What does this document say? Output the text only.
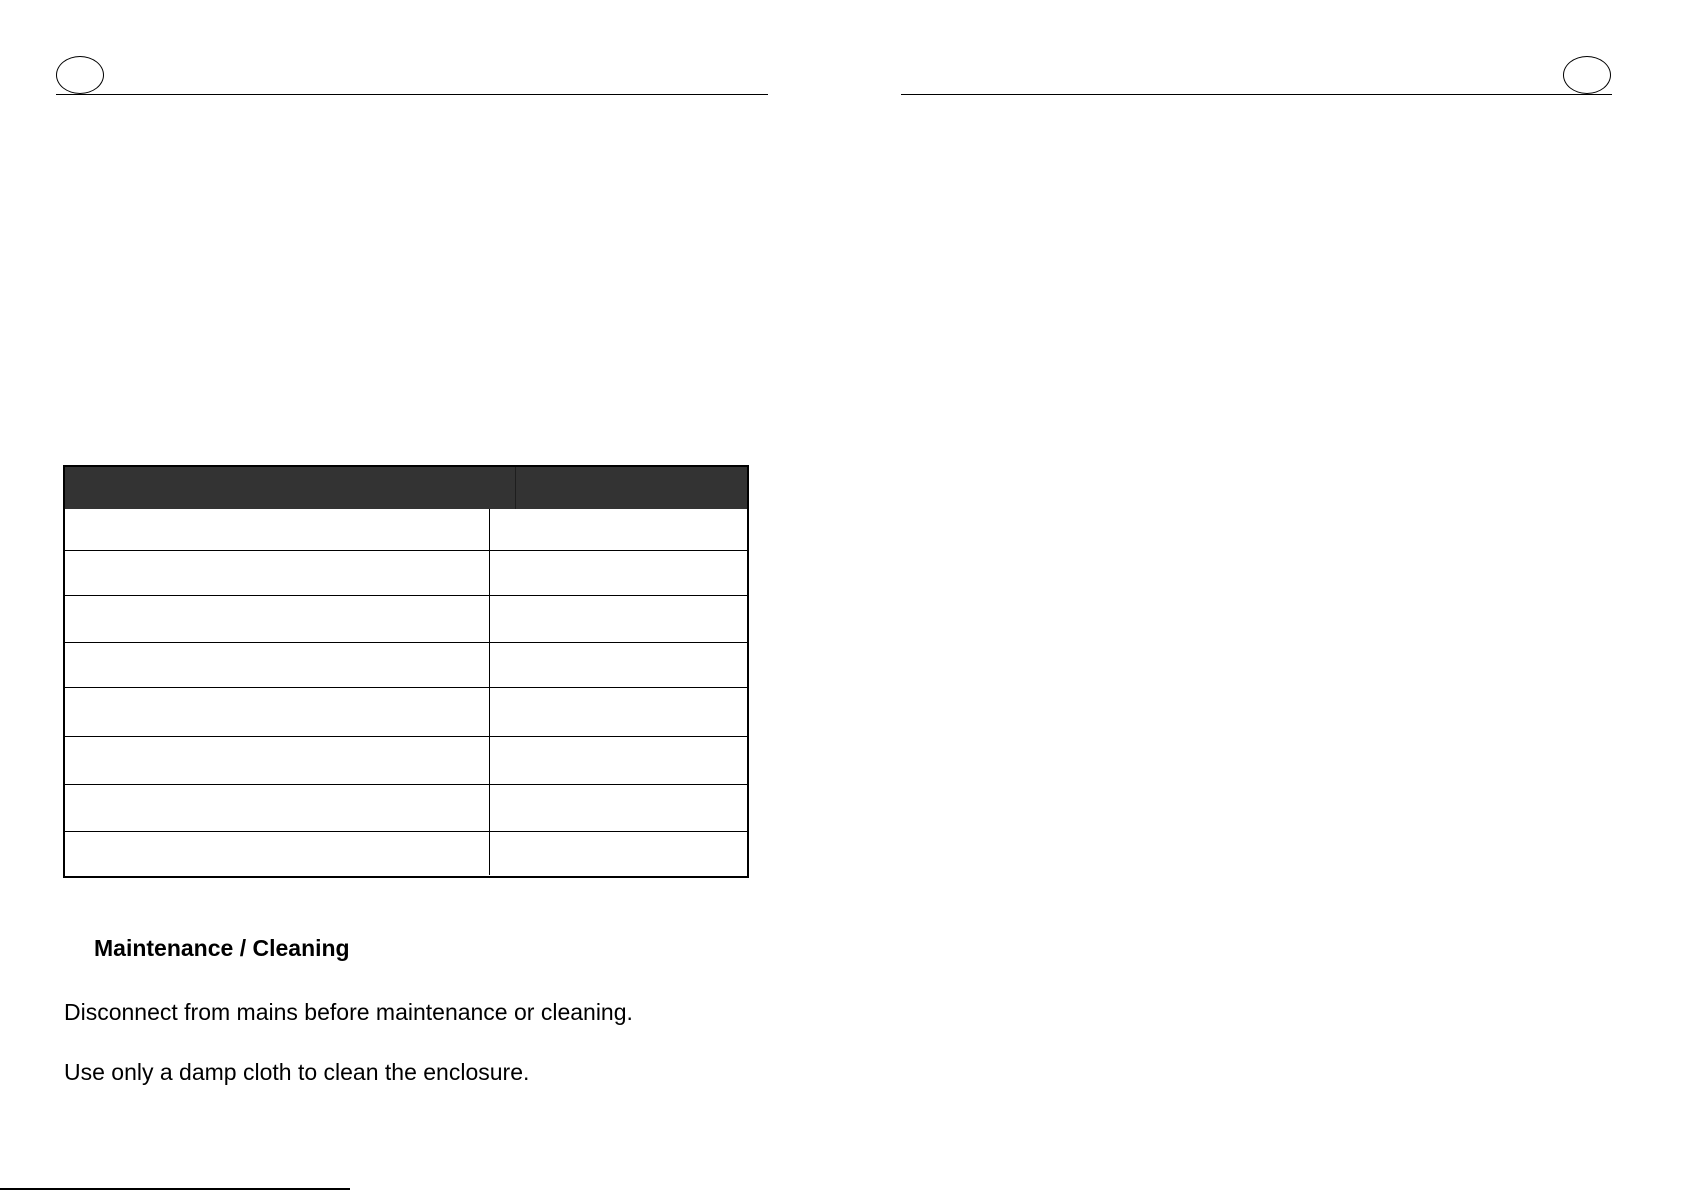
Maintenance / Cleaning

Disconnect from mains before maintenance or cleaning.

Use only a damp cloth to clean the enclosure.
